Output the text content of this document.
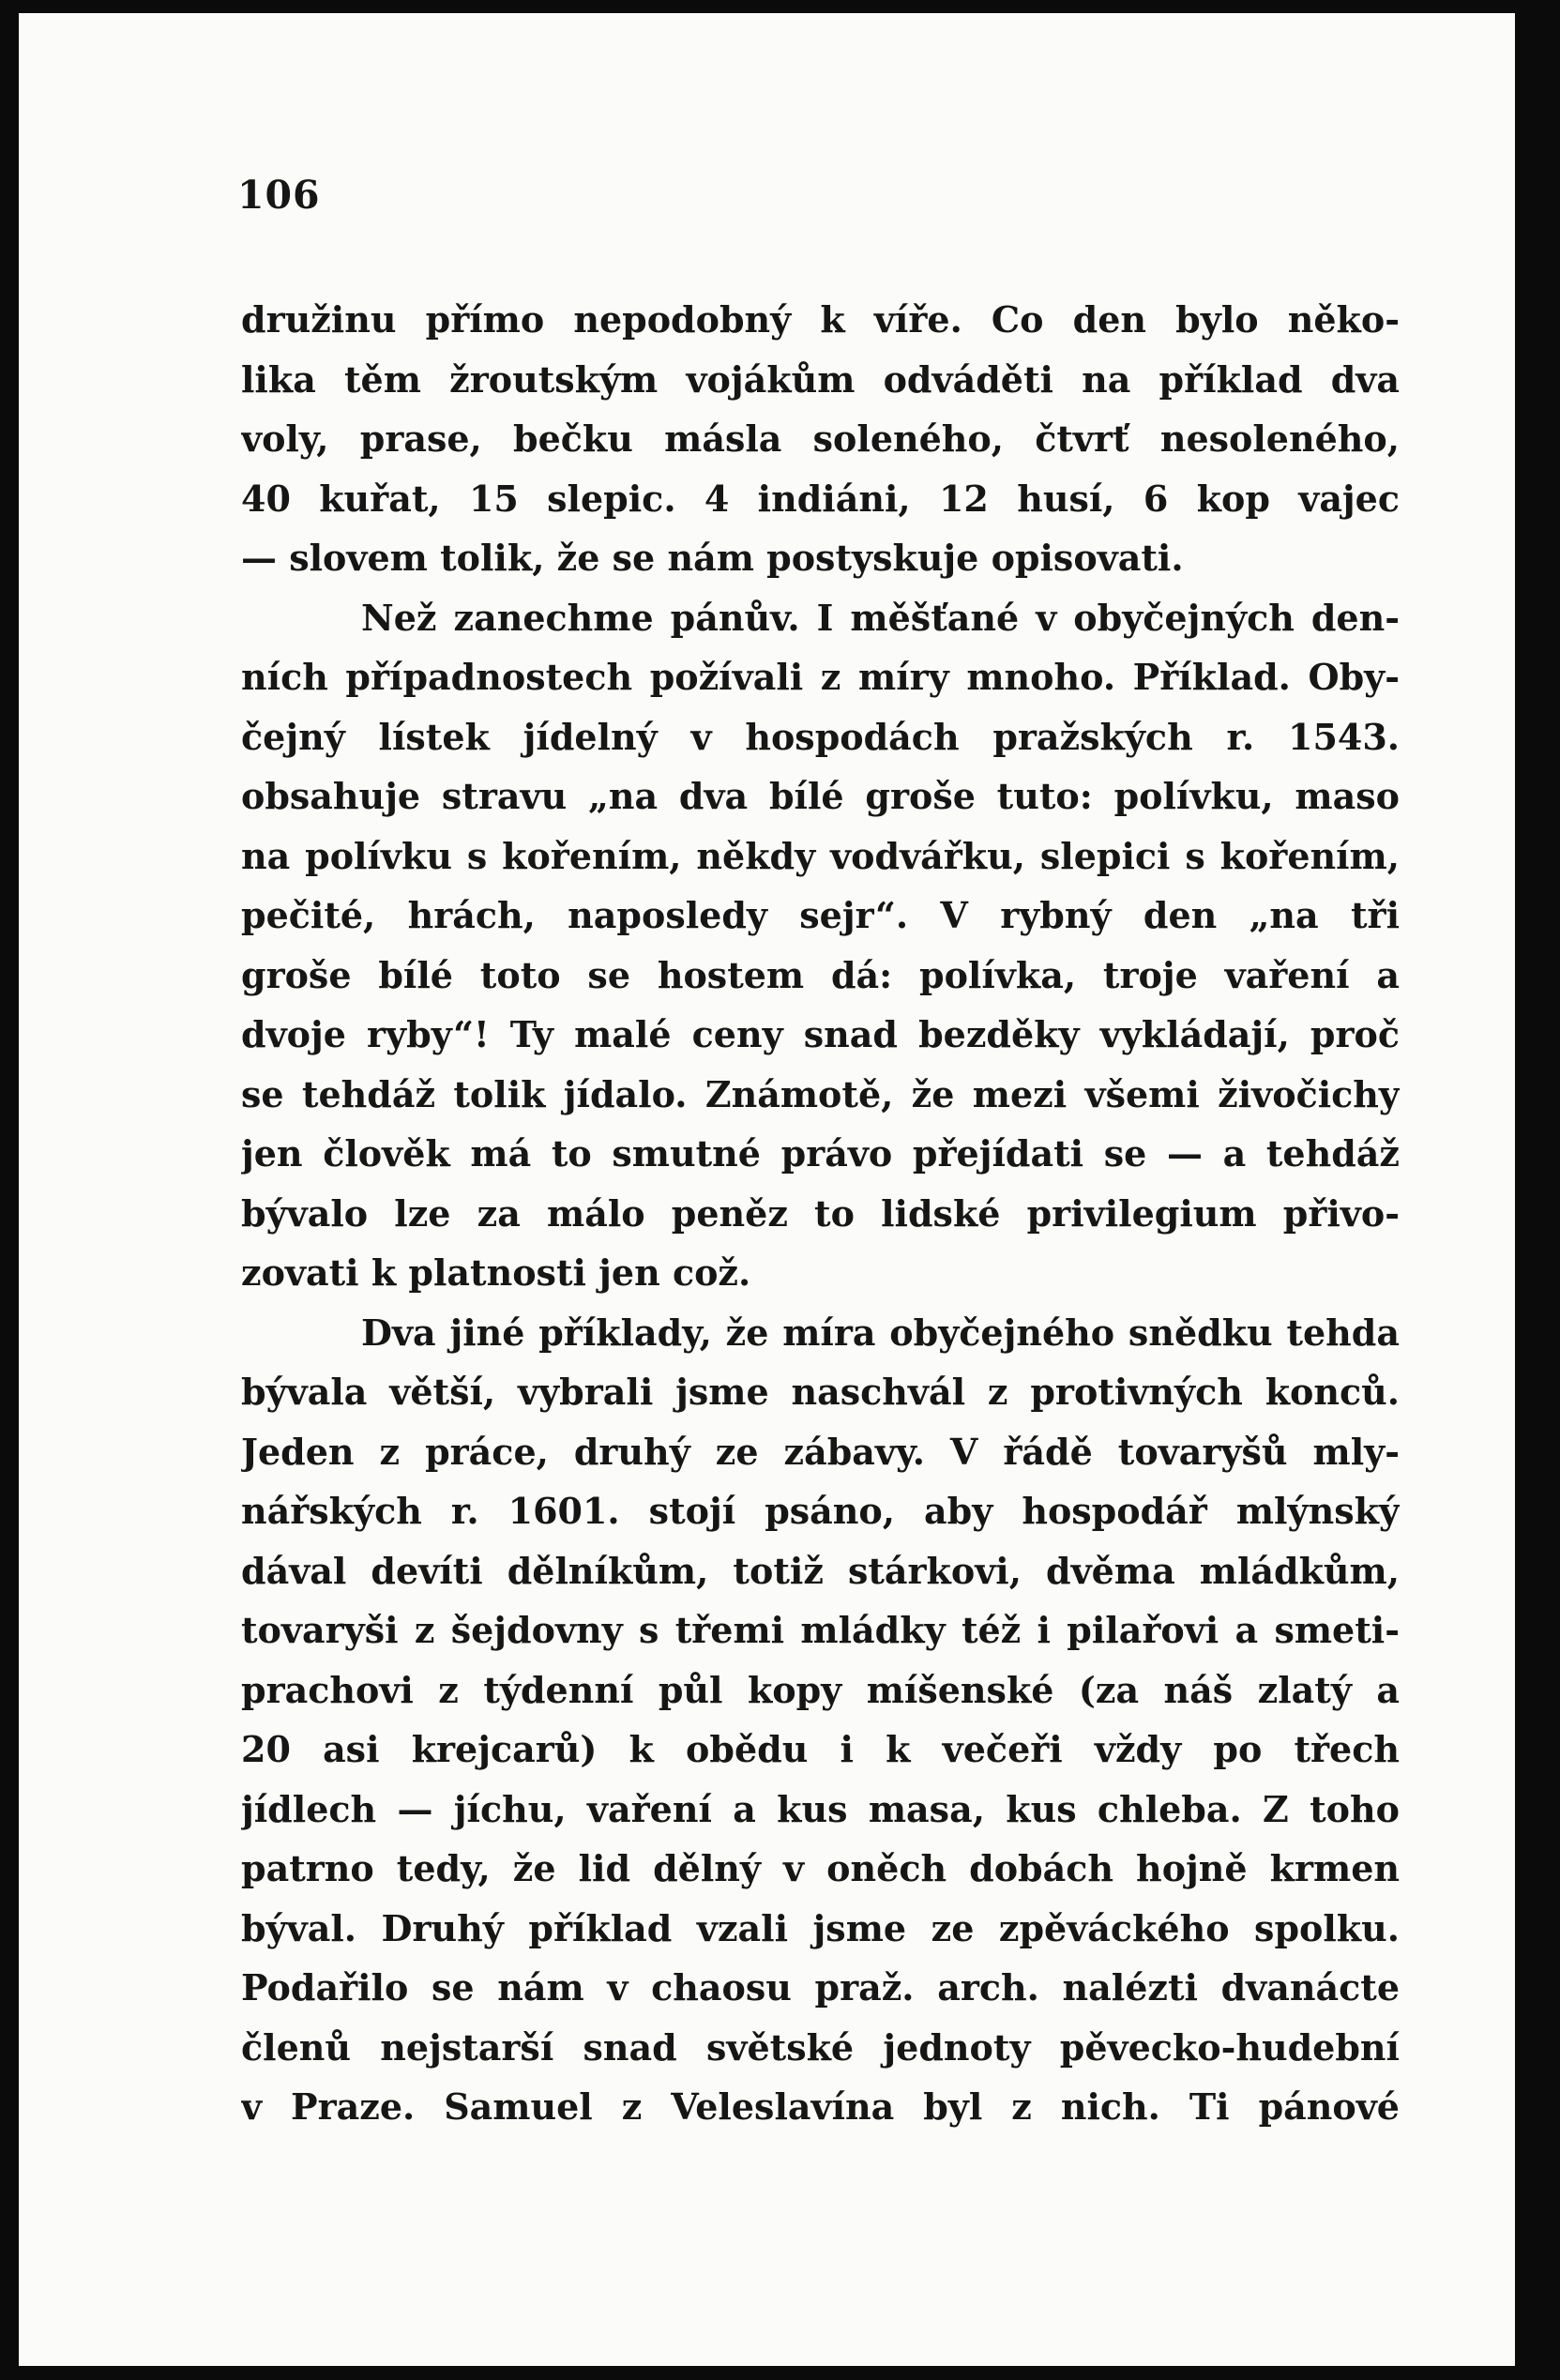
106
družinu přímo nepodobný k víře. Co den bylo něko-
lika těm žroutským vojákům odváděti na příklad dva
voly, prase, bečku másla soleného, čtvrť nesoleného,
40 kuřat, 15 slepic. 4 indiáni, 12 husí, 6 kop vajec
— slovem tolik, že se nám postyskuje opisovati.
Než zanechme pánův. I měšťané v obyčejných den-
ních případnostech požívali z míry mnoho. Příklad. Oby-
čejný lístek jídelný v hospodách pražských r. 1543.
obsahuje stravu „na dva bílé groše tuto: polívku, maso
na polívku s kořením, někdy vodvářku, slepici s kořením,
pečité, hrách, naposledy sejr“. V rybný den „na tři
groše bílé toto se hostem dá: polívka, troje vaření a
dvoje ryby“! Ty malé ceny snad bezděky vykládají, proč
se tehdáž tolik jídalo. Známotě, že mezi všemi živočichy
jen člověk má to smutné právo přejídati se — a tehdáž
bývalo lze za málo peněz to lidské privilegium přivo-
zovati k platnosti jen což.
Dva jiné příklady, že míra obyčejného snědku tehda
bývala větší, vybrali jsme naschvál z protivných konců.
Jeden z práce, druhý ze zábavy. V řádě tovaryšů mly-
nářských r. 1601. stojí psáno, aby hospodář mlýnský
dával devíti dělníkům, totiž stárkovi, dvěma mládkům,
tovaryši z šejdovny s třemi mládky též i pilařovi a smeti-
prachovi z týdenní půl kopy míšenské (za náš zlatý a
20 asi krejcarů) k obědu i k večeři vždy po třech
jídlech — jíchu, vaření a kus masa, kus chleba. Z toho
patrno tedy, že lid dělný v oněch dobách hojně krmen
býval. Druhý příklad vzali jsme ze zpěváckého spolku.
Podařilo se nám v chaosu praž. arch. nalézti dvanácte
členů nejstarší snad světské jednoty pěvecko-hudební
v Praze. Samuel z Veleslavína byl z nich. Ti pánové
